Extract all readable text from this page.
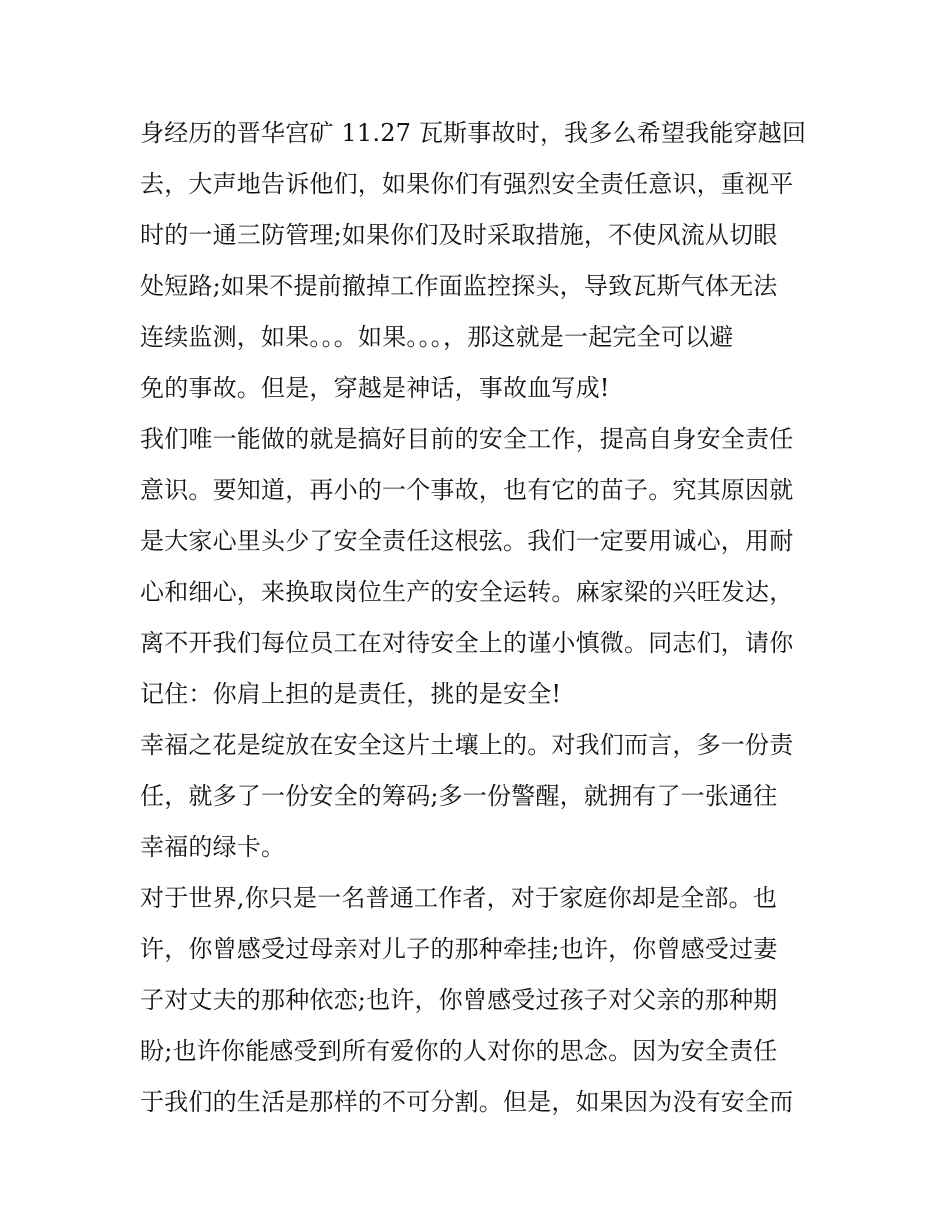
身经历的晋华宫矿 11.27 瓦斯事故时，我多么希望我能穿越回
去，大声地告诉他们，如果你们有强烈安全责任意识，重视平
时的一通三防管理;如果你们及时采取措施，不使风流从切眼
处短路;如果不提前撤掉工作面监控探头，导致瓦斯气体无法
连续监测，如果。。。如果。。。，那这就是一起完全可以避
免的事故。但是，穿越是神话，事故血写成!
我们唯一能做的就是搞好目前的安全工作，提高自身安全责任
意识。要知道，再小的一个事故，也有它的苗子。究其原因就
是大家心里头少了安全责任这根弦。我们一定要用诚心，用耐
心和细心，来换取岗位生产的安全运转。麻家梁的兴旺发达，
离不开我们每位员工在对待安全上的谨小慎微。同志们，请你
记住：你肩上担的是责任，挑的是安全!
幸福之花是绽放在安全这片土壤上的。对我们而言，多一份责
任，就多了一份安全的筹码;多一份警醒，就拥有了一张通往
幸福的绿卡。
对于世界,你只是一名普通工作者，对于家庭你却是全部。也
许，你曾感受过母亲对儿子的那种牵挂;也许，你曾感受过妻
子对丈夫的那种依恋;也许，你曾感受过孩子对父亲的那种期
盼;也许你能感受到所有爱你的人对你的思念。因为安全责任
于我们的生活是那样的不可分割。但是，如果因为没有安全而
